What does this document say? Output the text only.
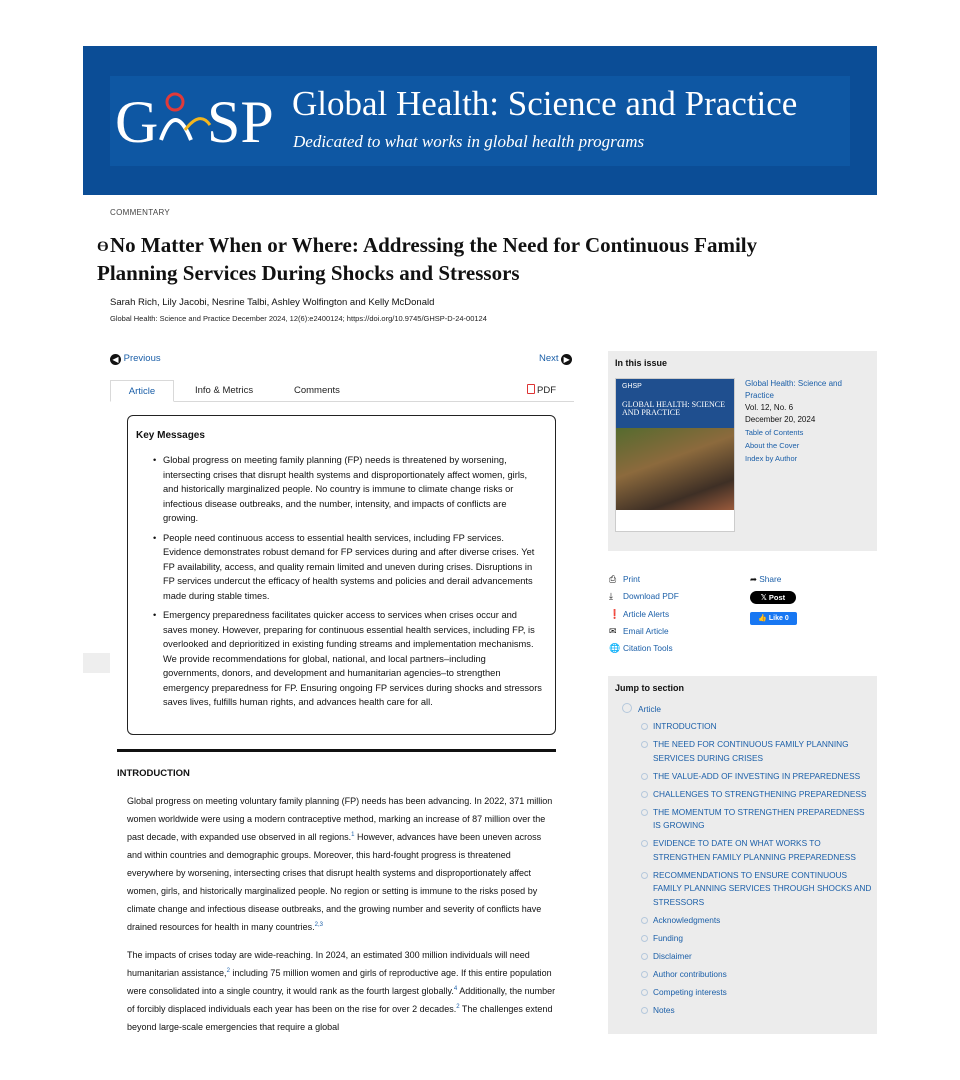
G SP Global Health: Science and Practice
Dedicated to what works in global health programs
COMMENTARY
ϴNo Matter When or Where: Addressing the Need for Continuous Family Planning Services During Shocks and Stressors
Sarah Rich, Lily Jacobi, Nesrine Talbi, Ashley Wolfington and Kelly McDonald
Global Health: Science and Practice December 2024, 12(6):e2400124; https://doi.org/10.9745/GHSP-D-24-00124
◀ Previous	Next ▶
Article	Info & Metrics	Comments	PDF
Key Messages
• Global progress on meeting family planning (FP) needs is threatened by worsening, intersecting crises that disrupt health systems and disproportionately affect women, girls, and historically marginalized people. No country is immune to climate change risks or infectious disease outbreaks, and the number, intensity, and impacts of conflicts are growing.
• People need continuous access to essential health services, including FP services. Evidence demonstrates robust demand for FP services during and after diverse crises. Yet FP availability, access, and quality remain limited and uneven during crises. Disruptions in FP services undercut the efficacy of health systems and policies and derail advancements made during stable times.
• Emergency preparedness facilitates quicker access to services when crises occur and saves money. However, preparing for continuous essential health services, including FP, is overlooked and deprioritized in existing funding streams and implementation mechanisms. We provide recommendations for global, national, and local partners–including governments, donors, and development and humanitarian agencies–to strengthen emergency preparedness for FP. Ensuring ongoing FP services during shocks and stressors saves lives, fulfills human rights, and advances health care for all.
INTRODUCTION

Global progress on meeting voluntary family planning (FP) needs has been advancing. In 2022, 371 million women worldwide were using a modern contraceptive method, marking an increase of 87 million over the past decade, with expanded use observed in all regions.$^1$ However, advances have been uneven across and within countries and demographic groups. Moreover, this hard-fought progress is threatened everywhere by worsening, intersecting crises that disrupt health systems and disproportionately affect women, girls, and historically marginalized people. No region or setting is immune to the risks posed by climate change and infectious disease outbreaks, and the growing number and severity of conflicts have drained resources for health in many countries.$^{2,3}$

The impacts of crises today are wide-reaching. In 2024, an estimated 300 million individuals will need humanitarian assistance,$^2$ including 75 million women and girls of reproductive age. If this entire population were consolidated into a single country, it would rank as the fourth largest globally.$^4$ Additionally, the number of forcibly displaced individuals each year has been on the rise for over 2 decades.$^2$ The challenges extend beyond large-scale emergencies that require a global

In this issue
GHSP
GLOBAL HEALTH: SCIENCE AND PRACTICE
Global Health: Science and Practice
Vol. 12, No. 6
December 20, 2024
Table of Contents
About the Cover
Index by Author
⎙ Print
⤓ Download PDF
❗ Article Alerts
✉ Email Article
🌐 Citation Tools
➦ Share
𝕏 Post
👍 Like 0
Jump to section
Article
INTRODUCTION
THE NEED FOR CONTINUOUS FAMILY PLANNING SERVICES DURING CRISES
THE VALUE-ADD OF INVESTING IN PREPAREDNESS
CHALLENGES TO STRENGTHENING PREPAREDNESS
THE MOMENTUM TO STRENGTHEN PREPAREDNESS IS GROWING
EVIDENCE TO DATE ON WHAT WORKS TO STRENGTHEN FAMILY PLANNING PREPAREDNESS
RECOMMENDATIONS TO ENSURE CONTINUOUS FAMILY PLANNING SERVICES THROUGH SHOCKS AND STRESSORS
Acknowledgments
Funding
Disclaimer
Author contributions
Competing interests
Notes
